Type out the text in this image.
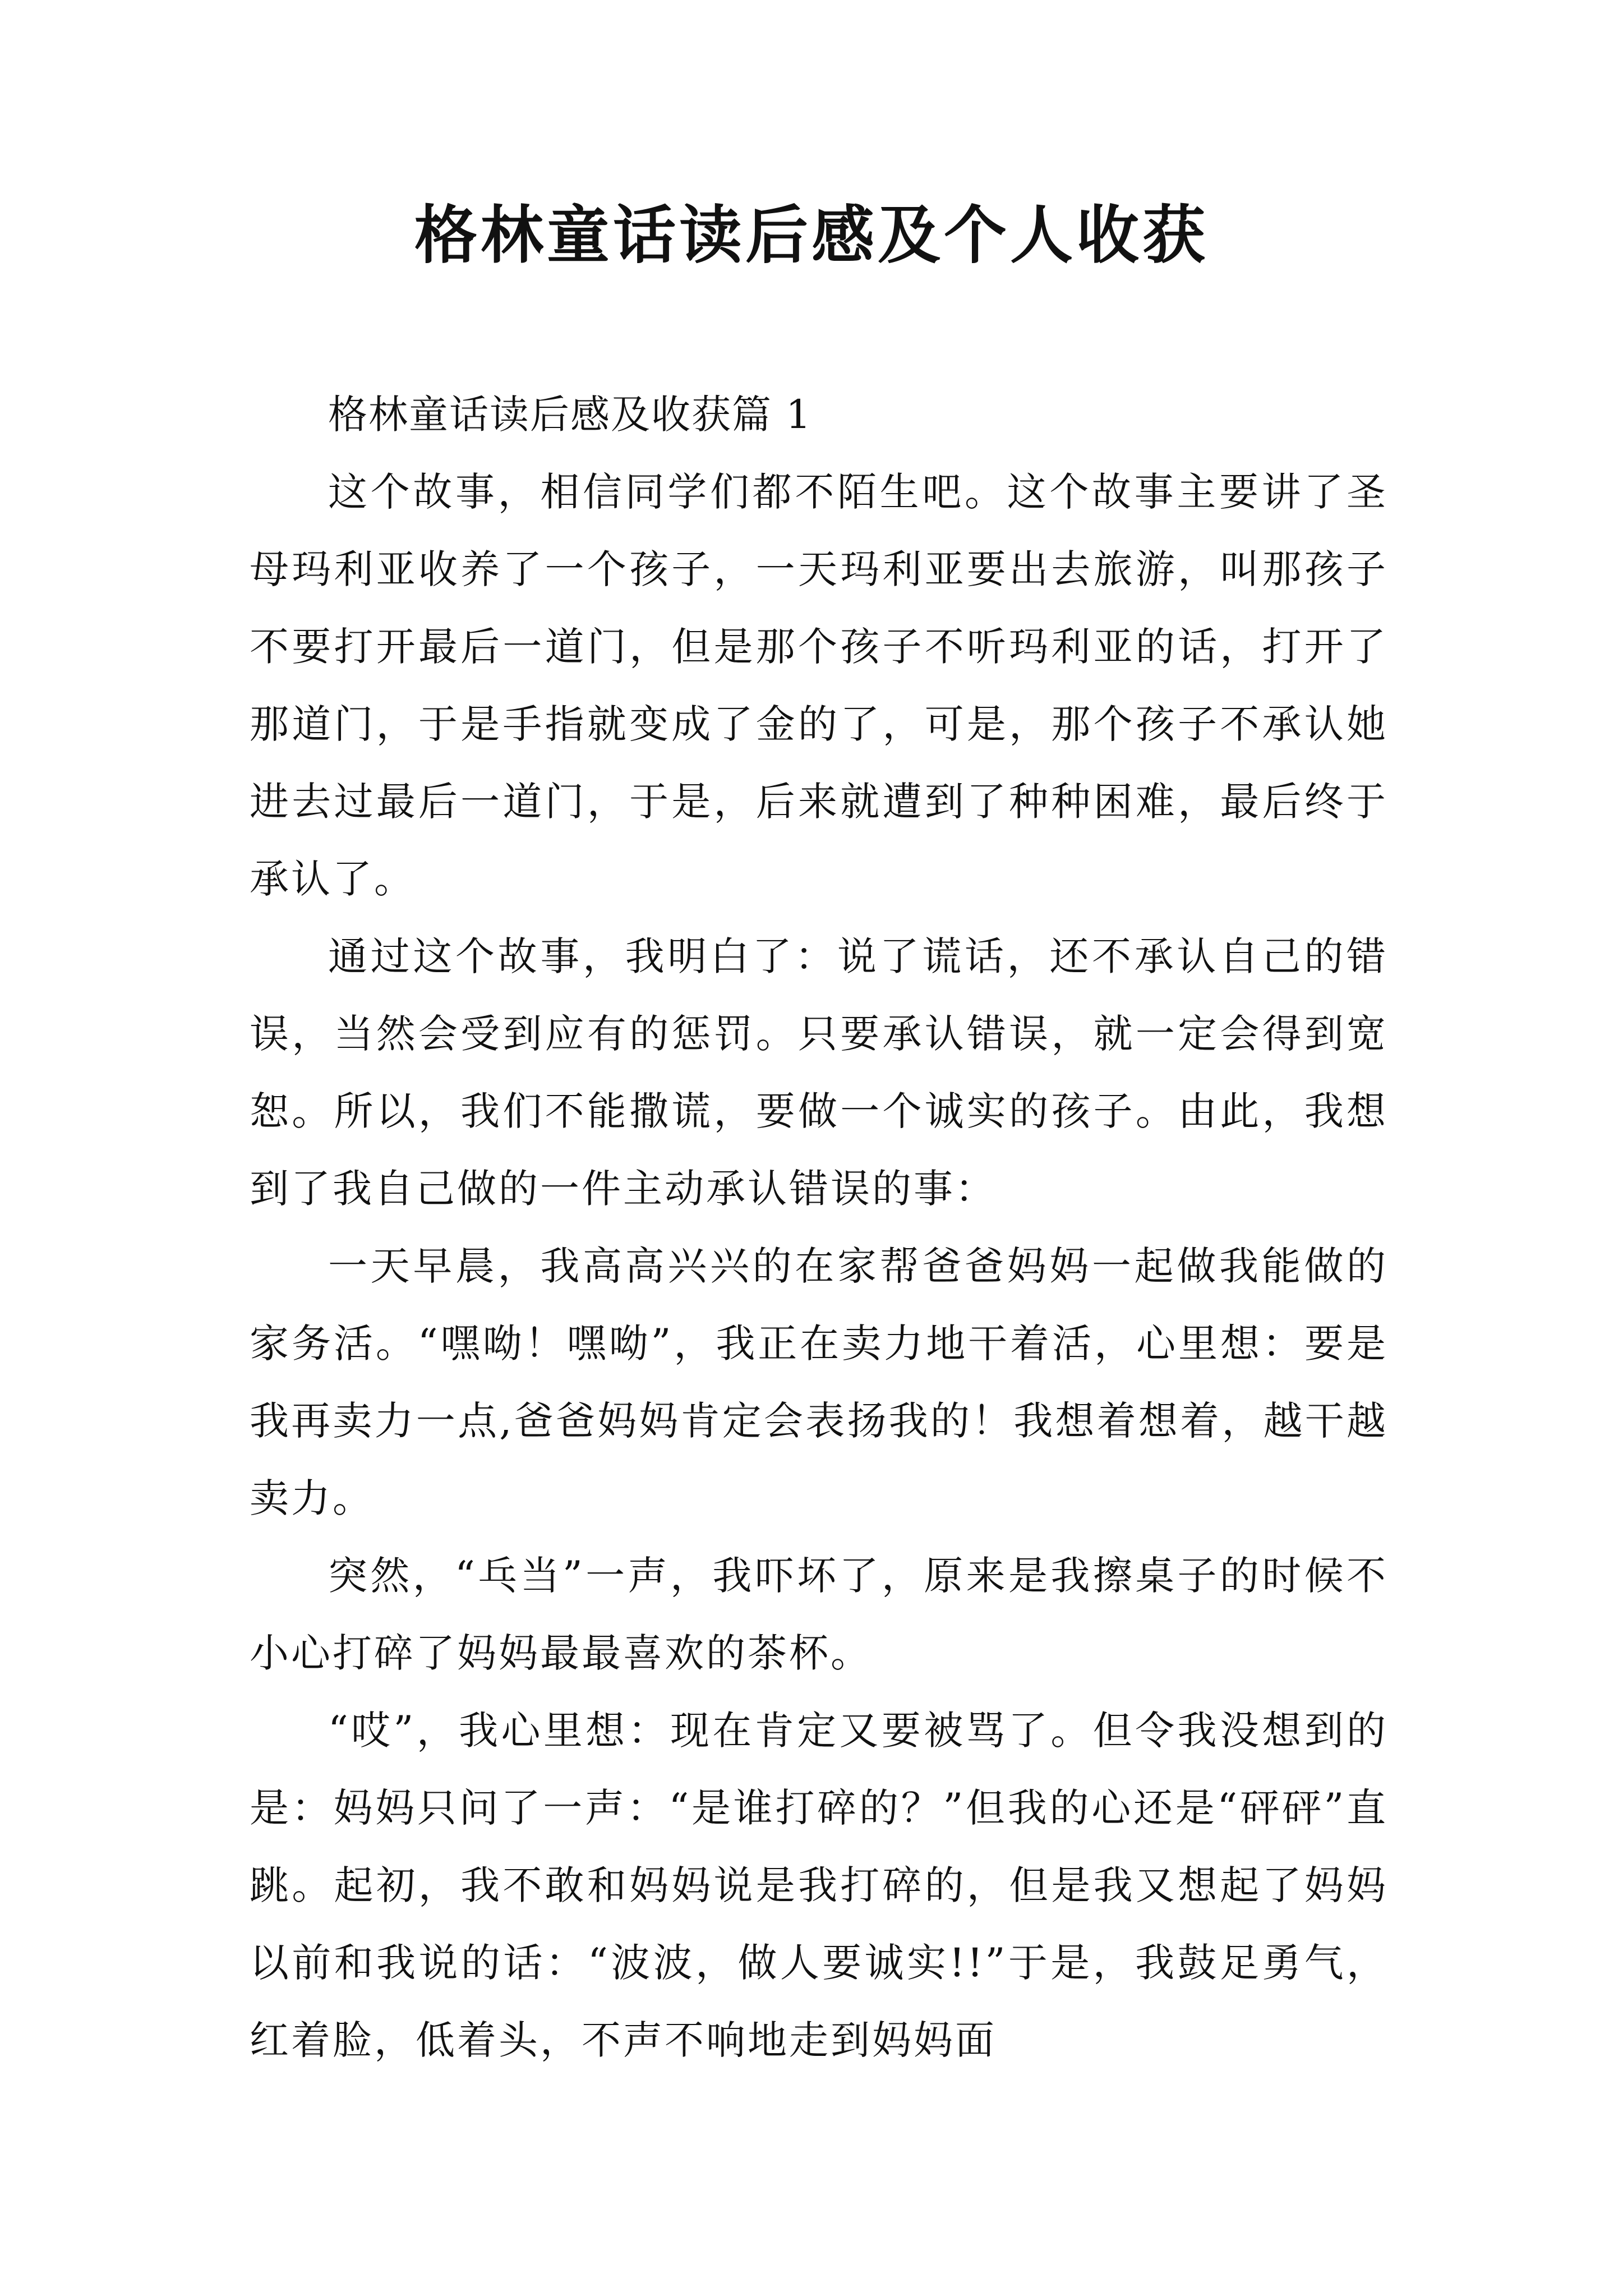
格林童话读后感及个人收获

格林童话读后感及收获篇 1

这个故事，相信同学们都不陌生吧。这个故事主要讲了圣母玛利亚收养了一个孩子，一天玛利亚要出去旅游，叫那孩子不要打开最后一道门，但是那个孩子不听玛利亚的话，打开了那道门，于是手指就变成了金的了，可是，那个孩子不承认她进去过最后一道门，于是，后来就遭到了种种困难，最后终于承认了。

通过这个故事，我明白了：说了谎话，还不承认自己的错误，当然会受到应有的惩罚。只要承认错误，就一定会得到宽恕。所以，我们不能撒谎，要做一个诚实的孩子。由此，我想到了我自己做的一件主动承认错误的事：

一天早晨，我高高兴兴的在家帮爸爸妈妈一起做我能做的家务活。“嘿呦！嘿呦”，我正在卖力地干着活，心里想：要是我再卖力一点,爸爸妈妈肯定会表扬我的！我想着想着，越干越卖力。

突然，“乓当”一声，我吓坏了，原来是我擦桌子的时候不小心打碎了妈妈最最喜欢的茶杯。

“哎”，我心里想：现在肯定又要被骂了。但令我没想到的是：妈妈只问了一声：“是谁打碎的？”但我的心还是“砰砰”直跳。起初，我不敢和妈妈说是我打碎的，但是我又想起了妈妈以前和我说的话：“波波，做人要诚实!!”于是，我鼓足勇气，红着脸，低着头，不声不响地走到妈妈面
